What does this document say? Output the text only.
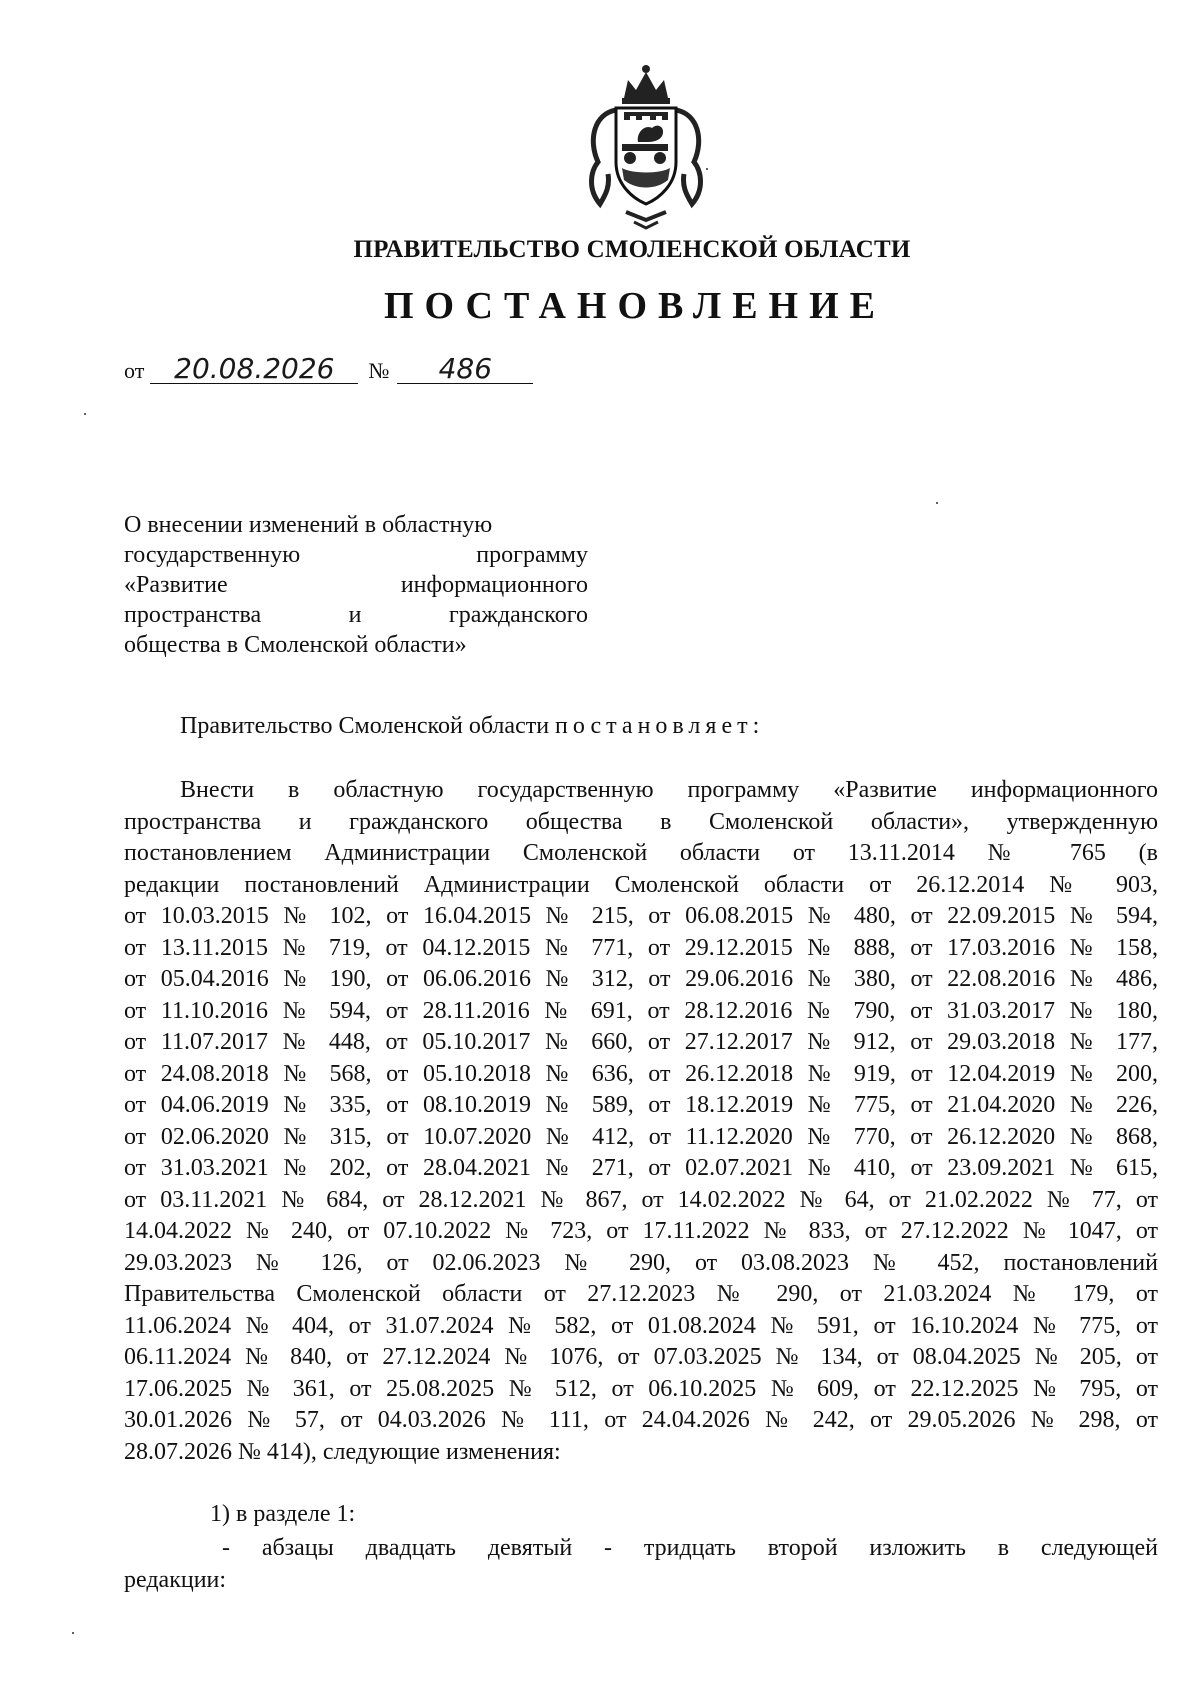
ПРАВИТЕЛЬСТВО СМОЛЕНСКОЙ ОБЛАСТИ
ПОСТАНОВЛЕНИЕ
от	20.08.2026	№	486
О внесении изменений в областную
государственную программу
«Развитие информационного
пространства и гражданского
общества в Смоленской области»
Правительство Смоленской области постановляет:
Внести в областную государственную программу «Развитие информационного
пространства и гражданского общества в Смоленской области», утвержденную
постановлением Администрации Смоленской области от 13.11.2014 № 765 (в
редакции постановлений Администрации Смоленской области от 26.12.2014 № 903,
от 10.03.2015 № 102, от 16.04.2015 № 215, от 06.08.2015 № 480, от 22.09.2015 № 594,
от 13.11.2015 № 719, от 04.12.2015 № 771, от 29.12.2015 № 888, от 17.03.2016 № 158,
от 05.04.2016 № 190, от 06.06.2016 № 312, от 29.06.2016 № 380, от 22.08.2016 № 486,
от 11.10.2016 № 594, от 28.11.2016 № 691, от 28.12.2016 № 790, от 31.03.2017 № 180,
от 11.07.2017 № 448, от 05.10.2017 № 660, от 27.12.2017 № 912, от 29.03.2018 № 177,
от 24.08.2018 № 568, от 05.10.2018 № 636, от 26.12.2018 № 919, от 12.04.2019 № 200,
от 04.06.2019 № 335, от 08.10.2019 № 589, от 18.12.2019 № 775, от 21.04.2020 № 226,
от 02.06.2020 № 315, от 10.07.2020 № 412, от 11.12.2020 № 770, от 26.12.2020 № 868,
от 31.03.2021 № 202, от 28.04.2021 № 271, от 02.07.2021 № 410, от 23.09.2021 № 615,
от 03.11.2021 № 684, от 28.12.2021 № 867, от 14.02.2022 № 64, от 21.02.2022 № 77, от
14.04.2022 № 240, от 07.10.2022 № 723, от 17.11.2022 № 833, от 27.12.2022 № 1047, от
29.03.2023 № 126, от 02.06.2023 № 290, от 03.08.2023 № 452, постановлений
Правительства Смоленской области от 27.12.2023 № 290, от 21.03.2024 № 179, от
11.06.2024 № 404, от 31.07.2024 № 582, от 01.08.2024 № 591, от 16.10.2024 № 775, от
06.11.2024 № 840, от 27.12.2024 № 1076, от 07.03.2025 № 134, от 08.04.2025 № 205, от
17.06.2025 № 361, от 25.08.2025 № 512, от 06.10.2025 № 609, от 22.12.2025 № 795, от
30.01.2026 № 57, от 04.03.2026 № 111, от 24.04.2026 № 242, от 29.05.2026 № 298, от
28.07.2026 № 414), следующие изменения:
1) в разделе 1:
- абзацы двадцать девятый - тридцать второй изложить в следующей
редакции:
